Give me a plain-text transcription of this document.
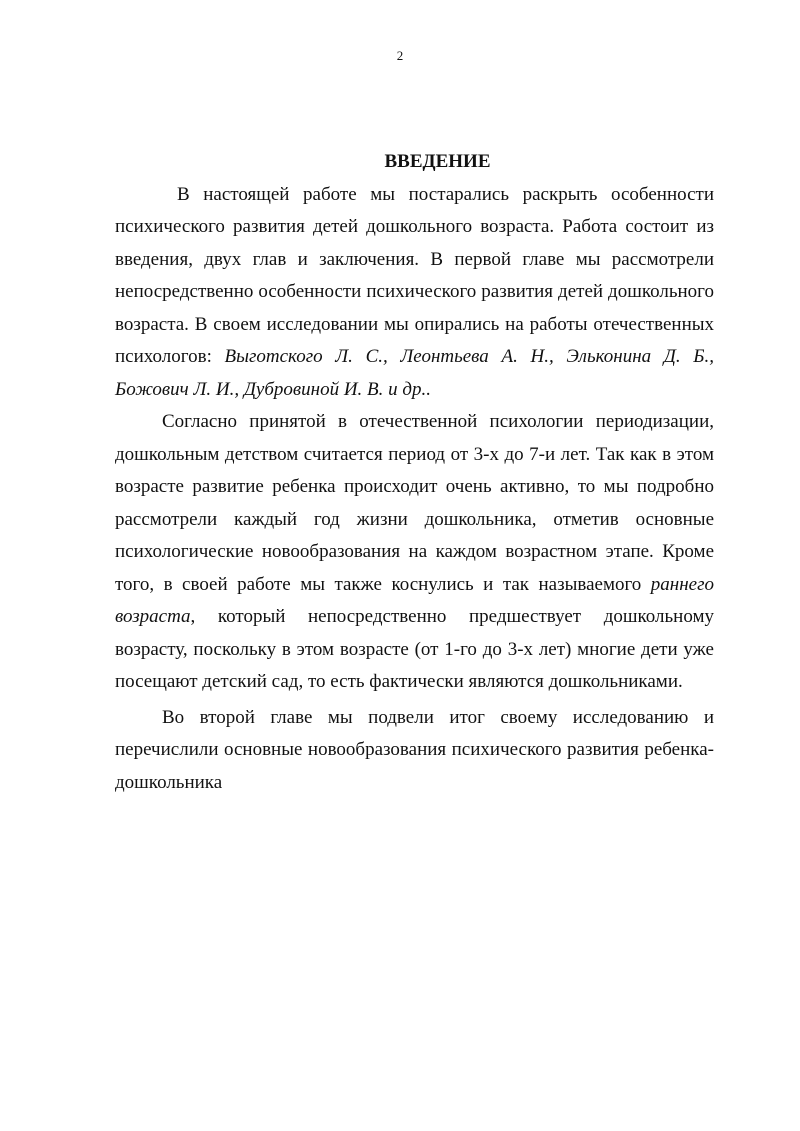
2

ВВЕДЕНИЕ

В настоящей работе мы постарались раскрыть особенности психического развития детей дошкольного возраста. Работа состоит из введения, двух глав и заключения. В первой главе мы рассмотрели непосредственно особенности психического развития детей дошкольного возраста. В своем исследовании мы опирались на работы отечественных психологов: Выготского Л. С., Леонтьева А. Н., Эльконина Д. Б., Божович Л. И., Дубровиной И. В. и др..

Согласно принятой в отечественной психологии периодизации, дошкольным детством считается период от 3-х до 7-и лет. Так как в этом возрасте развитие ребенка происходит очень активно, то мы подробно рассмотрели каждый год жизни дошкольника, отметив основные психологические новообразования на каждом возрастном этапе. Кроме того, в своей работе мы также коснулись и так называемого раннего возраста, который непосредственно предшествует дошкольному возрасту, поскольку в этом возрасте (от 1-го до 3-х лет) многие дети уже посещают детский сад, то есть фактически являются дошкольниками.

Во второй главе мы подвели итог своему исследованию и перечислили основные новообразования психического развития ребенка-дошкольника
